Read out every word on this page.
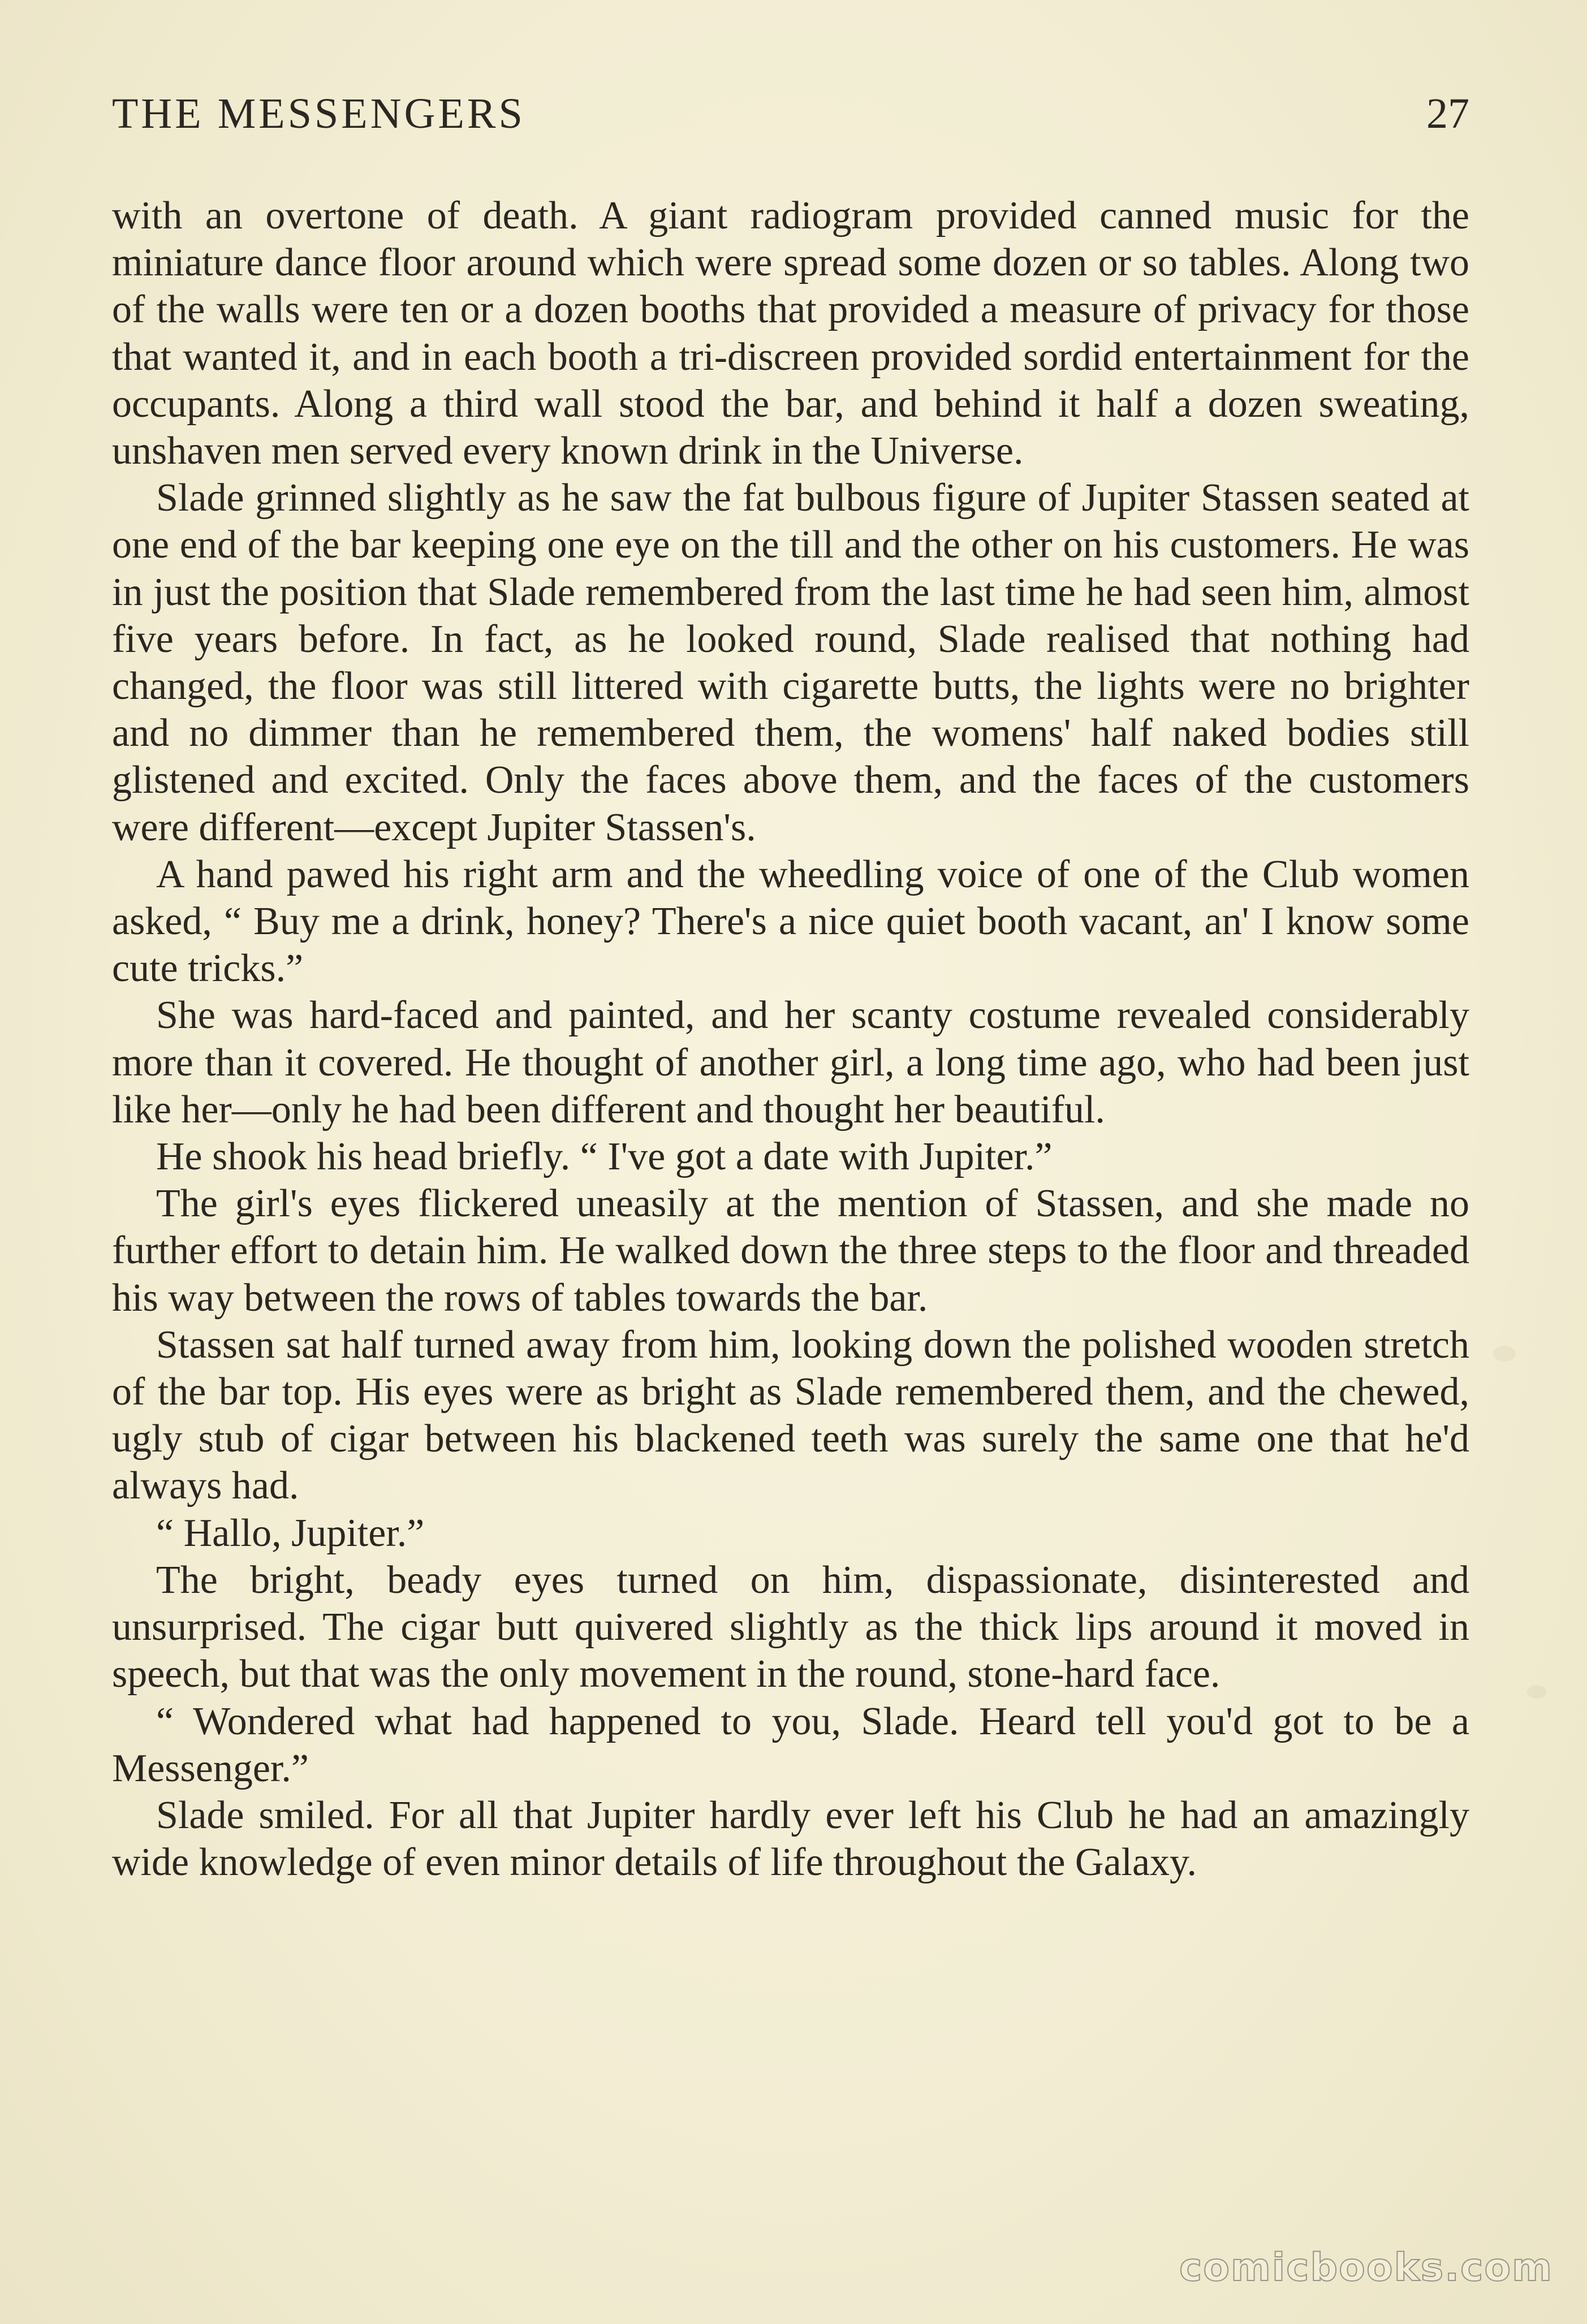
THE MESSENGERS	27

with an overtone of death. A giant radiogram provided canned music for the miniature dance floor around which were spread some dozen or so tables. Along two of the walls were ten or a dozen booths that provided a measure of privacy for those that wanted it, and in each booth a tri-discreen provided sordid entertainment for the occupants. Along a third wall stood the bar, and behind it half a dozen sweating, unshaven men served every known drink in the Universe.

Slade grinned slightly as he saw the fat bulbous figure of Jupiter Stassen seated at one end of the bar keeping one eye on the till and the other on his customers. He was in just the position that Slade remembered from the last time he had seen him, almost five years before. In fact, as he looked round, Slade realised that nothing had changed, the floor was still littered with cigarette butts, the lights were no brighter and no dimmer than he remembered them, the womens' half naked bodies still glistened and excited. Only the faces above them, and the faces of the customers were different—except Jupiter Stassen's.

A hand pawed his right arm and the wheedling voice of one of the Club women asked, “ Buy me a drink, honey? There's a nice quiet booth vacant, an' I know some cute tricks.”

She was hard-faced and painted, and her scanty costume revealed considerably more than it covered. He thought of another girl, a long time ago, who had been just like her—only he had been different and thought her beautiful.

He shook his head briefly. “ I've got a date with Jupiter.”

The girl's eyes flickered uneasily at the mention of Stassen, and she made no further effort to detain him. He walked down the three steps to the floor and threaded his way between the rows of tables towards the bar.

Stassen sat half turned away from him, looking down the polished wooden stretch of the bar top. His eyes were as bright as Slade remembered them, and the chewed, ugly stub of cigar between his blackened teeth was surely the same one that he'd always had.

“ Hallo, Jupiter.”

The bright, beady eyes turned on him, dispassionate, disinterested and unsurprised. The cigar butt quivered slightly as the thick lips around it moved in speech, but that was the only movement in the round, stone-hard face.

“ Wondered what had happened to you, Slade. Heard tell you'd got to be a Messenger.”

Slade smiled. For all that Jupiter hardly ever left his Club he had an amazingly wide knowledge of even minor details of life throughout the Galaxy.

comicbooks.com
